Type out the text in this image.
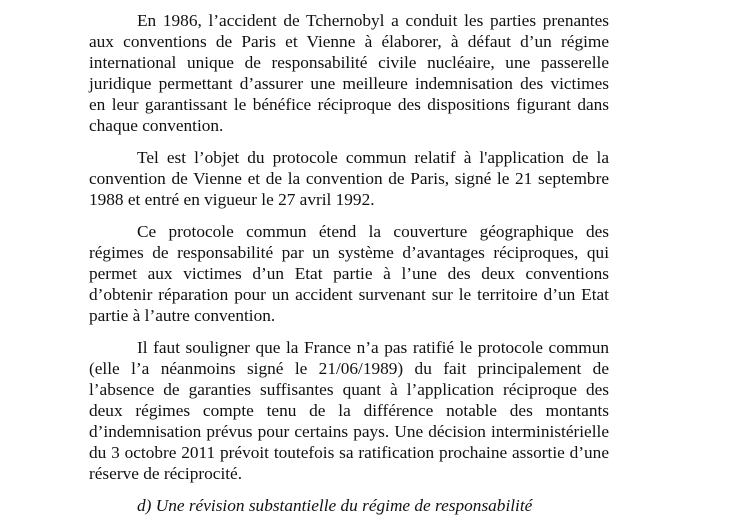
En 1986, l’accident de Tchernobyl a conduit les parties prenantes aux conventions de Paris et Vienne à élaborer, à défaut d’un régime international unique de responsabilité civile nucléaire, une passerelle juridique permettant d’assurer une meilleure indemnisation des victimes en leur garantissant le bénéfice réciproque des dispositions figurant dans chaque convention.

Tel est l’objet du protocole commun relatif à l'application de la convention de Vienne et de la convention de Paris, signé le 21 septembre 1988 et entré en vigueur le 27 avril 1992.

Ce protocole commun étend la couverture géographique des régimes de responsabilité par un système d’avantages réciproques, qui permet aux victimes d’un Etat partie à l’une des deux conventions d’obtenir réparation pour un accident survenant sur le territoire d’un Etat partie à l’autre convention.

Il faut souligner que la France n’a pas ratifié le protocole commun (elle l’a néanmoins signé le 21/06/1989) du fait principalement de l’absence de garanties suffisantes quant à l’application réciproque des deux régimes compte tenu de la différence notable des montants d’indemnisation prévus pour certains pays. Une décision interministérielle du 3 octobre 2011 prévoit toutefois sa ratification prochaine assortie d’une réserve de réciprocité.

d) Une révision substantielle du régime de responsabilité
